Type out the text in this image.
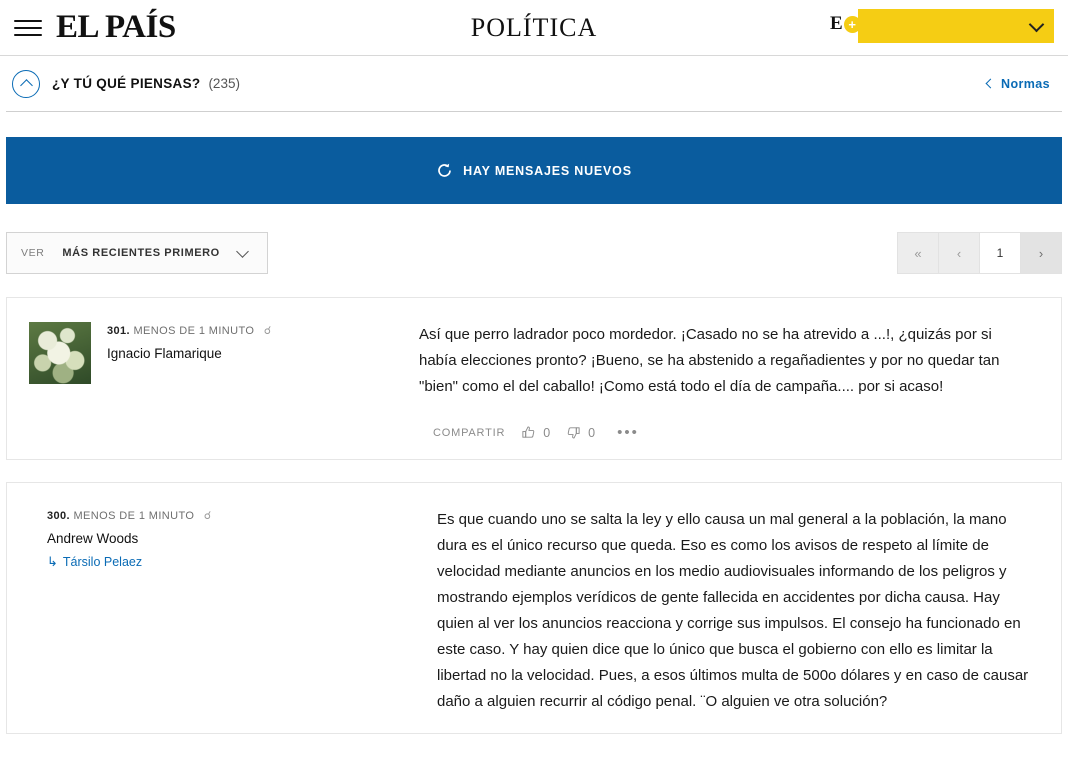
EL PAÍS	POLÍTICA	E +
¿Y TÚ QUÉ PIENSAS? (235)	Normas
HAY MENSAJES NUEVOS
VER MÁS RECIENTES PRIMERO	«	‹	1	›
301. MENOS DE 1 MINUTO ☌
Ignacio Flamarique
Así que perro ladrador poco mordedor. ¡Casado no se ha atrevido a ...!, ¿quizás por si había elecciones pronto? ¡Bueno, se ha abstenido a regañadientes y por no quedar tan "bien" como el del caballo! ¡Como está todo el día de campaña.... por si acaso!
COMPARTIR	0	0 •••
300. MENOS DE 1 MINUTO ☌
Andrew Woods
↳ Társilo Pelaez
Es que cuando uno se salta la ley y ello causa un mal general a la población, la mano dura es el único recurso que queda. Eso es como los avisos de respeto al límite de velocidad mediante anuncios en los medio audiovisuales informando de los peligros y mostrando ejemplos verídicos de gente fallecida en accidentes por dicha causa. Hay quien al ver los anuncios reacciona y corrige sus impulsos. El consejo ha funcionado en este caso. Y hay quien dice que lo único que busca el gobierno con ello es limitar la libertad no la velocidad. Pues, a esos últimos multa de 500o dólares y en caso de causar daño a alguien recurrir al código penal. ¨O alguien ve otra solución?
